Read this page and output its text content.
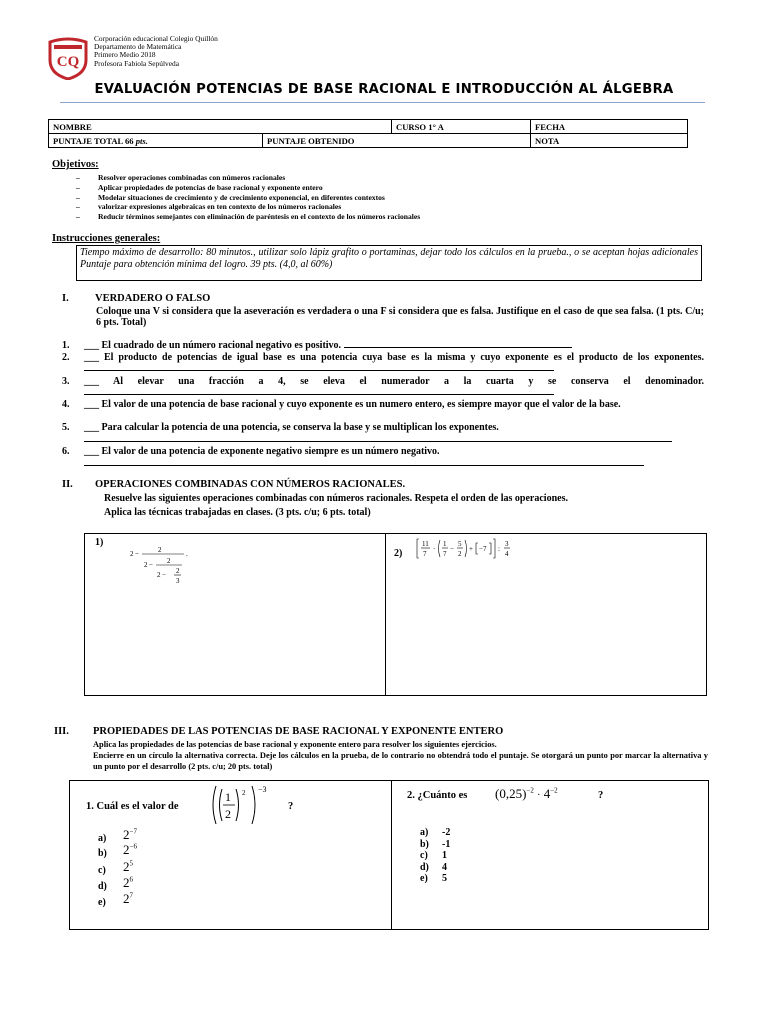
CQ
Corporación educacional Colegio Quillón
Departamento de Matemática
Primero Medio 2018
Profesora Fabiola Sepúlveda
EVALUACIÓN POTENCIAS DE BASE RACIONAL E INTRODUCCIÓN AL ÁLGEBRA
NOMBRE		CURSO 1° A	FECHA
PUNTAJE TOTAL 66 pts.	PUNTAJE OBTENIDO		NOTA
Objetivos:
– Resolver operaciones combinadas con números racionales
– Aplicar propiedades de potencias de base racional y exponente entero
– Modelar situaciones de crecimiento y de crecimiento exponencial, en diferentes contextos
– valorizar expresiones algebraicas en ten contexto de los números racionales
– Reducir términos semejantes con eliminación de paréntesis en el contexto de los números racionales
Instrucciones generales:
Tiempo máximo de desarrollo: 80 minutos., utilizar solo lápiz grafito o portaminas, dejar todo los cálculos en la prueba., o se aceptan hojas adicionales Puntaje para obtención mínima del logro. 39 pts. (4,0, al 60%)
I.	VERDADERO O FALSO
Coloque una V si considera que la aseveración es verdadera o una F si considera que es falsa. Justifique en el caso de que sea falsa. (1 pts. C/u; 6 pts. Total)
1. ___ El cuadrado de un número racional negativo es positivo.
2. ___ El producto de potencias de igual base es una potencia cuya base es la misma y cuyo exponente es el producto de los exponentes.
3. ___ Al elevar una fracción a 4, se eleva el numerador a la cuarta y se conserva el denominador.
4. ___ El valor de una potencia de base racional y cuyo exponente es un numero entero, es siempre mayor que el valor de la base.
5. ___ Para calcular la potencia de una potencia, se conserva la base y se multiplican los exponentes.
6. ___ El valor de una potencia de exponente negativo siempre es un número negativo.
II. OPERACIONES COMBINADAS CON NÚMEROS RACIONALES.
Resuelve las siguientes operaciones combinadas con números racionales. Respeta el orden de las operaciones.
Aplica las técnicas trabajadas en clases. (3 pts. c/u; 6 pts. total)
1)
2 −	2	.
2 − 2
2 − 2
3
2)
11
7
·
1
7
−
5
2
+ −7 :
3
4
III. PROPIEDADES DE LAS POTENCIAS DE BASE RACIONAL Y EXPONENTE ENTERO
Aplica las propiedades de las potencias de base racional y exponente entero para resolver los siguientes ejercicios.
Encierre en un círculo la alternativa correcta. Deje los cálculos en la prueba, de lo contrario no obtendrá todo el puntaje. Se otorgará un punto por marcar la alternativa y un punto por el desarrollo (2 pts. c/u; 20 pts. total)
1. Cuál es el valor de
1
2
2 −3
?
a) $2^{-7}$
b) $2^{-6}$
c) $2^5$
d) $2^6$
e) $2^7$
2. ¿Cuánto es $(0,25)^{-2} \cdot 4^{-2}$	?
a) -2
b) -1
c) 1
d) 4
e) 5
